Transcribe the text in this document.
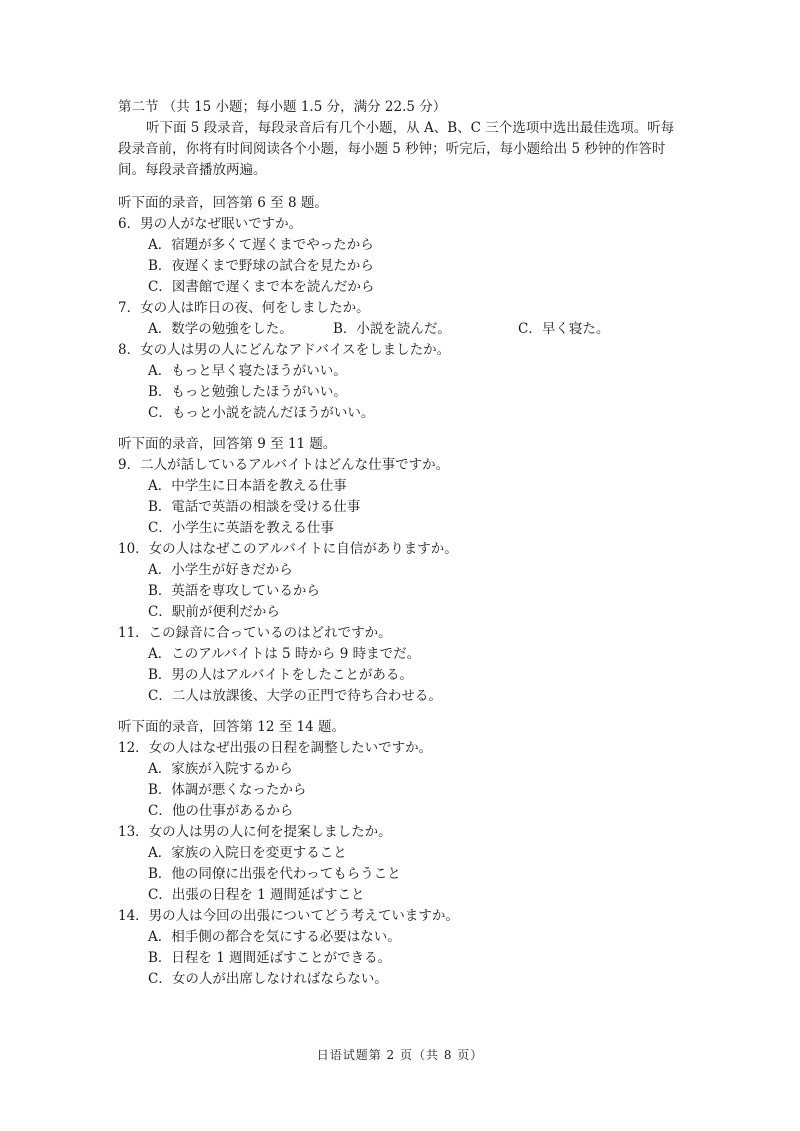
第二节 （共 15 小题；每小题 1.5 分，满分 22.5 分）
听下面 5 段录音，每段录音后有几个小题，从 A、B、C 三个选项中选出最佳选项。听每
段录音前，你将有时间阅读各个小题，每小题 5 秒钟；听完后，每小题给出 5 秒钟的作答时
间。每段录音播放两遍。
听下面的录音，回答第 6 至 8 题。
6．男の人がなぜ眠いですか。
A．宿題が多くて遅くまでやったから
B．夜遅くまで野球の試合を見たから
C．図書館で遅くまで本を読んだから
7．女の人は昨日の夜、何をしましたか。
A．数学の勉強をした。	B．小説を読んだ。	C．早く寝た。
8．女の人は男の人にどんなアドバイスをしましたか。
A．もっと早く寝たほうがいい。
B．もっと勉強したほうがいい。
C．もっと小説を読んだほうがいい。
听下面的录音，回答第 9 至 11 题。
9．二人が話しているアルバイトはどんな仕事ですか。
A．中学生に日本語を教える仕事
B．電話で英語の相談を受ける仕事
C．小学生に英語を教える仕事
10．女の人はなぜこのアルバイトに自信がありますか。
A．小学生が好きだから
B．英語を専攻しているから
C．駅前が便利だから
11．この録音に合っているのはどれですか。
A．このアルバイトは 5 時から 9 時までだ。
B．男の人はアルバイトをしたことがある。
C．二人は放課後、大学の正門で待ち合わせる。
听下面的录音，回答第 12 至 14 题。
12．女の人はなぜ出張の日程を調整したいですか。
A．家族が入院するから
B．体調が悪くなったから
C．他の仕事があるから
13．女の人は男の人に何を提案しましたか。
A．家族の入院日を変更すること
B．他の同僚に出張を代わってもらうこと
C．出張の日程を 1 週間延ばすこと
14．男の人は今回の出張についてどう考えていますか。
A．相手側の都合を気にする必要はない。
B．日程を 1 週間延ばすことができる。
C．女の人が出席しなければならない。
日语试题第 2 页（共 8 页）
